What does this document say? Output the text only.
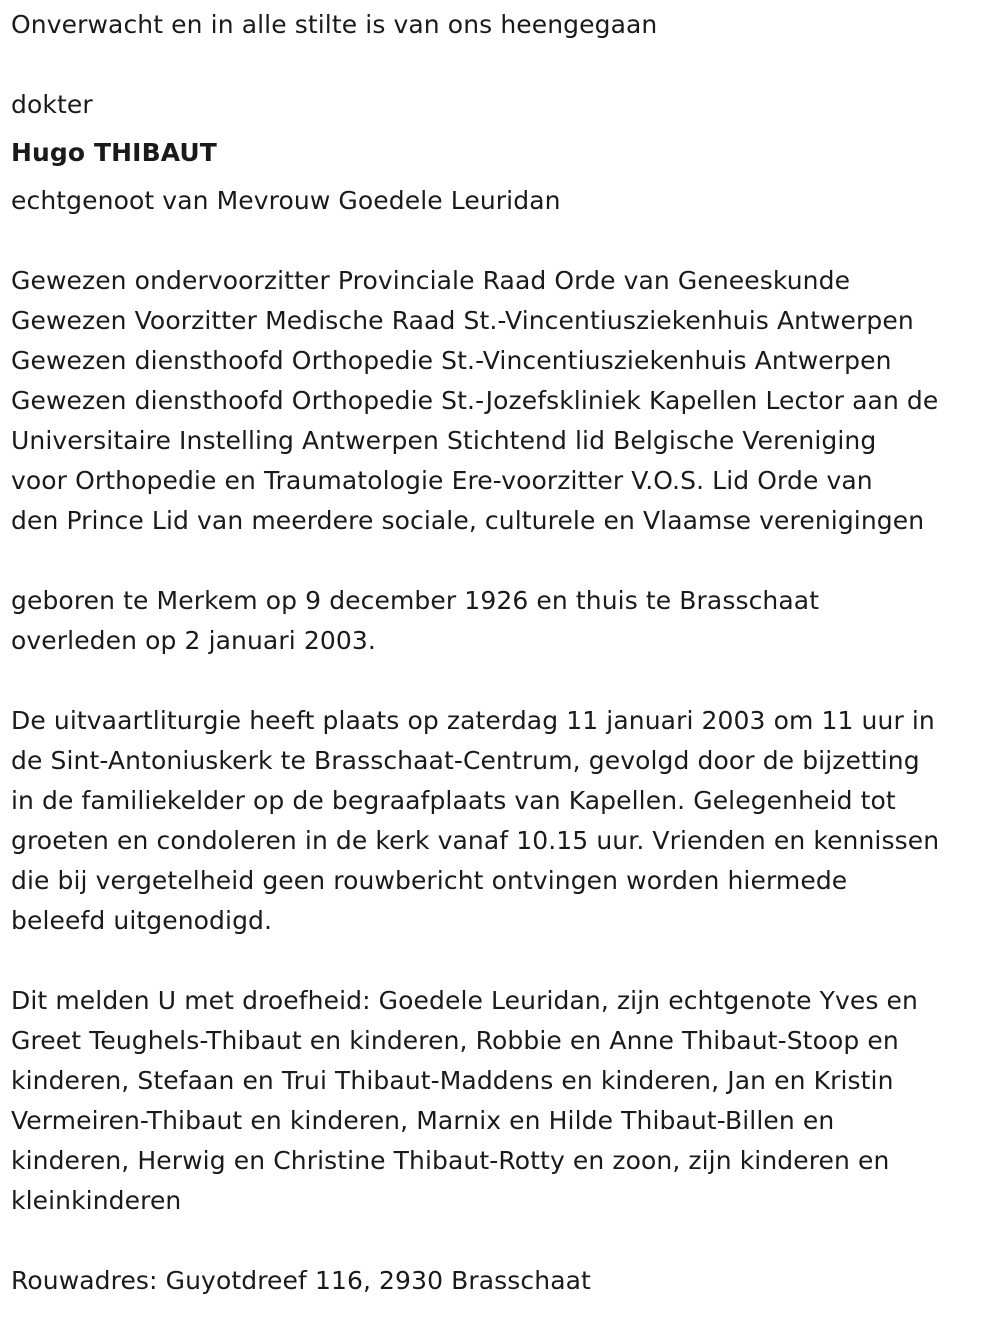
Onverwacht en in alle stilte is van ons heengegaan
dokter
Hugo THIBAUT
echtgenoot van Mevrouw Goedele Leuridan
Gewezen ondervoorzitter Provinciale Raad Orde van Geneeskunde
Gewezen Voorzitter Medische Raad St.-Vincentiusziekenhuis Antwerpen
Gewezen diensthoofd Orthopedie St.-Vincentiusziekenhuis Antwerpen
Gewezen diensthoofd Orthopedie St.-Jozefskliniek Kapellen Lector aan de
Universitaire Instelling Antwerpen Stichtend lid Belgische Vereniging
voor Orthopedie en Traumatologie Ere-voorzitter V.O.S. Lid Orde van
den Prince Lid van meerdere sociale, culturele en Vlaamse verenigingen
geboren te Merkem op 9 december 1926 en thuis te Brasschaat
overleden op 2 januari 2003.
De uitvaartliturgie heeft plaats op zaterdag 11 januari 2003 om 11 uur in
de Sint-Antoniuskerk te Brasschaat-Centrum, gevolgd door de bijzetting
in de familiekelder op de begraafplaats van Kapellen. Gelegenheid tot
groeten en condoleren in de kerk vanaf 10.15 uur. Vrienden en kennissen
die bij vergetelheid geen rouwbericht ontvingen worden hiermede
beleefd uitgenodigd.
Dit melden U met droefheid: Goedele Leuridan, zijn echtgenote Yves en
Greet Teughels-Thibaut en kinderen, Robbie en Anne Thibaut-Stoop en
kinderen, Stefaan en Trui Thibaut-Maddens en kinderen, Jan en Kristin
Vermeiren-Thibaut en kinderen, Marnix en Hilde Thibaut-Billen en
kinderen, Herwig en Christine Thibaut-Rotty en zoon, zijn kinderen en
kleinkinderen
Rouwadres: Guyotdreef 116, 2930 Brasschaat
